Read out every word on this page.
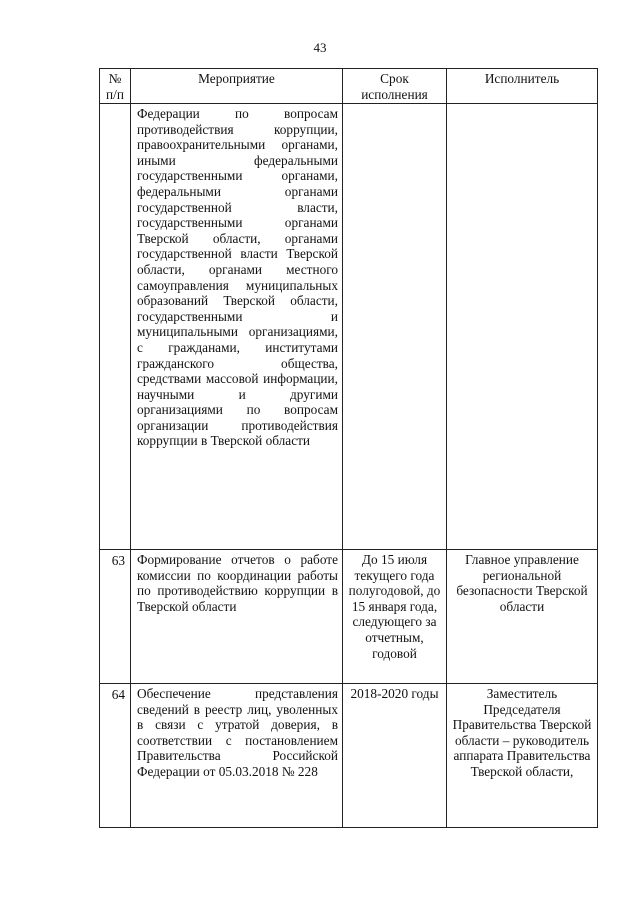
43
№ п/п	Мероприятие	Срок исполнения	Исполнитель
	Федерации по вопросам противодействия коррупции, правоохранительными органами, иными федеральными государственными органами, федеральными органами государственной власти, государственными органами Тверской области, органами государственной власти Тверской области, органами местного самоуправления муниципальных образований Тверской области, государственными и муниципальными организациями, с гражданами, институтами гражданского общества, средствами массовой информации, научными и другими организациями по вопросам организации противодействия коррупции в Тверской области		
63	Формирование отчетов о работе комиссии по координации работы по противодействию коррупции в Тверской области	До 15 июля текущего года полугодовой, до 15 января года, следующего за отчетным, годовой	Главное управление региональной безопасности Тверской области
64	Обеспечение представления сведений в реестр лиц, уволенных в связи с утратой доверия, в соответствии с постановлением Правительства Российской Федерации от 05.03.2018 № 228	2018-2020 годы	Заместитель Председателя Правительства Тверской области – руководитель аппарата Правительства Тверской области,
